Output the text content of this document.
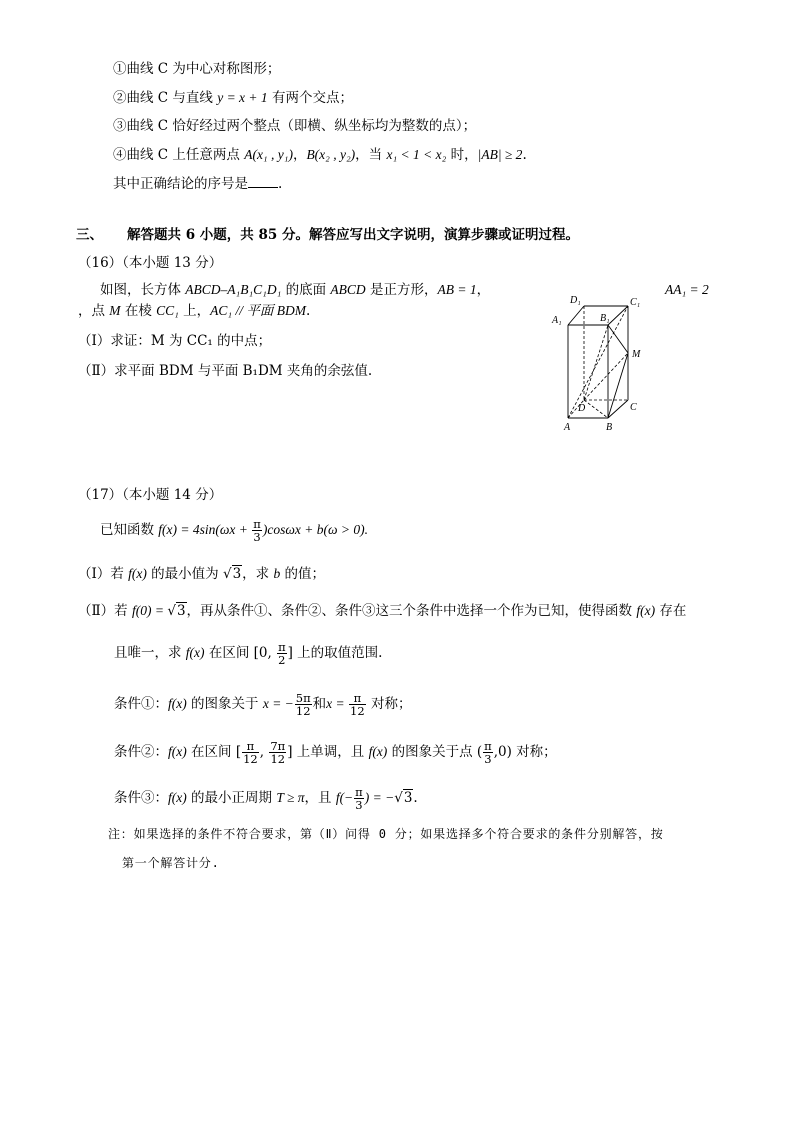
①曲线 C 为中心对称图形；
②曲线 C 与直线 y = x + 1 有两个交点；
③曲线 C 恰好经过两个整点（即横、纵坐标均为整数的点）；
④曲线 C 上任意两点 A(x₁ , y₁)，B(x₂ , y₂)，当 x₁ < 1 < x₂ 时，|AB| ≥ 2.
其中正确结论的序号是 .
三、 解答题共 6 小题，共 85 分。解答应写出文字说明，演算步骤或证明过程。
（16）（本小题 13 分）
如图，长方体 ABCD–A₁B₁C₁D₁ 的底面 ABCD 是正方形，AB = 1，	AA₁ = 2
，点 M 在棱 CC₁ 上，AC₁ // 平面 BDM.
（Ⅰ）求证：M 为 CC₁ 的中点；
（Ⅱ）求平面 BDM 与平面 B₁DM 夹角的余弦值.
D₁	C₁
A₁	B₁
M
D	C
A	B
（17）（本小题 14 分）
已知函数 $f(x) = 4\sin(\omega x + \frac{\pi}{3} )\cos\omega x + b(\omega > 0)$.
（Ⅰ）若 f(x) 的最小值为 √3，求 b 的值；
（Ⅱ）若 f(0) = √3，再从条件①、条件②、条件③这三个条件中选择一个作为已知，使得函数 f(x) 存在
且唯一，求 f(x) 在区间 [0, $\frac{\pi}{2}$ ] 上的取值范围.
条件①：f(x) 的图象关于 x = − $\frac{5\pi}{12}$ 和$x = \frac{\pi}{12}$ 对称；
条件②：f(x) 在区间 [ $\frac{\pi}{12}$ , $\frac{7\pi}{12}$ ] 上单调，且 f(x) 的图象关于点 ( $\frac{\pi}{3} ,0$) 对称；
条件③：f(x) 的最小正周期 T ≥ π，且 $f(- \frac{\pi}{3}$ ) = −√3.
注：如果选择的条件不符合要求，第（Ⅱ）问得 0 分；如果选择多个符合要求的条件分别解答，按
第一个解答计分.
